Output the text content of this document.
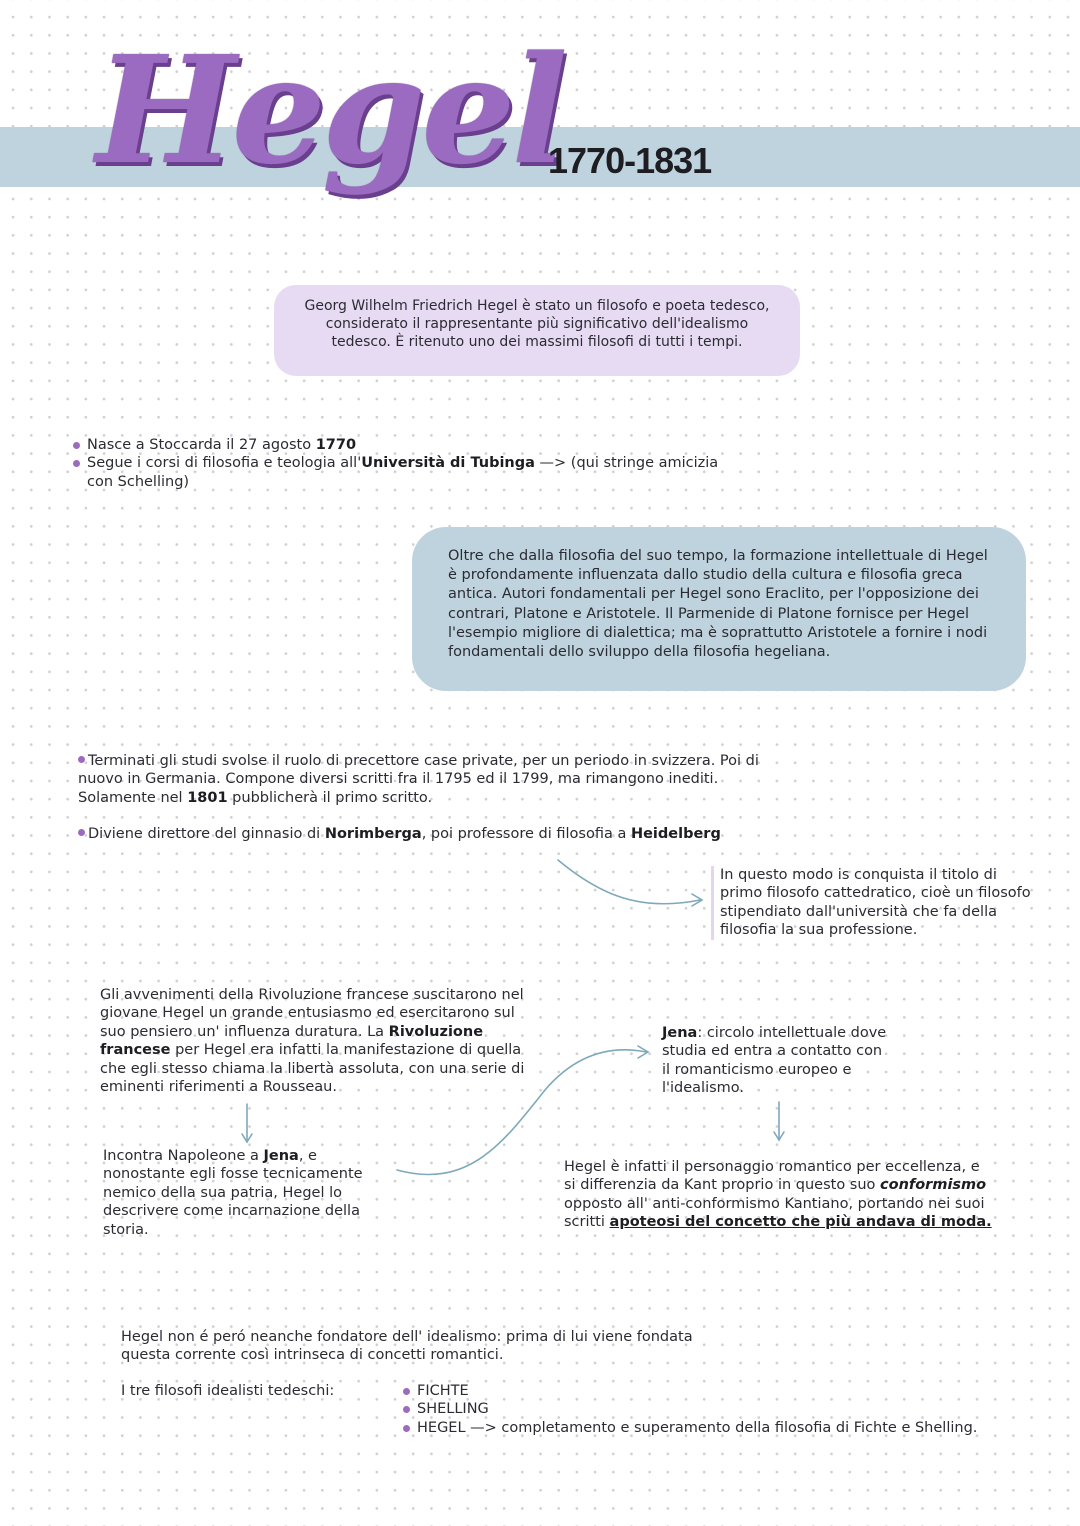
Hegel
1770-1831
Georg Wilhelm Friedrich Hegel è stato un filosofo e poeta tedesco, considerato il rappresentante più significativo dell'idealismo tedesco. È ritenuto uno dei massimi filosofi di tutti i tempi.
Nasce a Stoccarda il 27 agosto 1770
Segue i corsi di filosofia e teologia all'Università di Tubinga —> (qui stringe amicizia con Schelling)
Oltre che dalla filosofia del suo tempo, la formazione intellettuale di Hegel è profondamente influenzata dallo studio della cultura e filosofia greca antica. Autori fondamentali per Hegel sono Eraclito, per l'opposizione dei contrari, Platone e Aristotele. Il Parmenide di Platone fornisce per Hegel l'esempio migliore di dialettica; ma è soprattutto Aristotele a fornire i nodi fondamentali dello sviluppo della filosofia hegeliana.
Terminati gli studi svolse il ruolo di precettore case private, per un periodo in svizzera. Poi di nuovo in Germania. Compone diversi scritti fra il 1795 ed il 1799, ma rimangono inediti. Solamente nel 1801 pubblicherà il primo scritto.
Diviene direttore del ginnasio di Norimberga, poi professore di filosofia a Heidelberg
In questo modo is conquista il titolo di primo filosofo cattedratico, cioè un filosofo stipendiato dall'università che fa della filosofia la sua professione.
Gli avvenimenti della Rivoluzione francese suscitarono nel giovane Hegel un grande entusiasmo ed esercitarono sul suo pensiero un' influenza duratura. La Rivoluzione francese per Hegel era infatti la manifestazione di quella che egli stesso chiama la libertà assoluta, con una serie di eminenti riferimenti a Rousseau.
Incontra Napoleone a Jena, e nonostante egli fosse tecnicamente nemico della sua patria, Hegel lo descrivere come incarnazione della storia.
Jena: circolo intellettuale dove studia ed entra a contatto con il romanticismo europeo e l'idealismo.
Hegel è infatti il personaggio romantico per eccellenza, e si differenzia da Kant proprio in questo suo conformismo opposto all' anti-conformismo Kantiano, portando nei suoi scritti apoteosi del concetto che più andava di moda.
Hegel non é peró neanche fondatore dell' idealismo: prima di lui viene fondata questa corrente così intrinseca di concetti romantici.
I tre filosofi idealisti tedeschi:	FICHTE
SHELLING
HEGEL —> completamento e superamento della filosofia di Fichte e Shelling.
